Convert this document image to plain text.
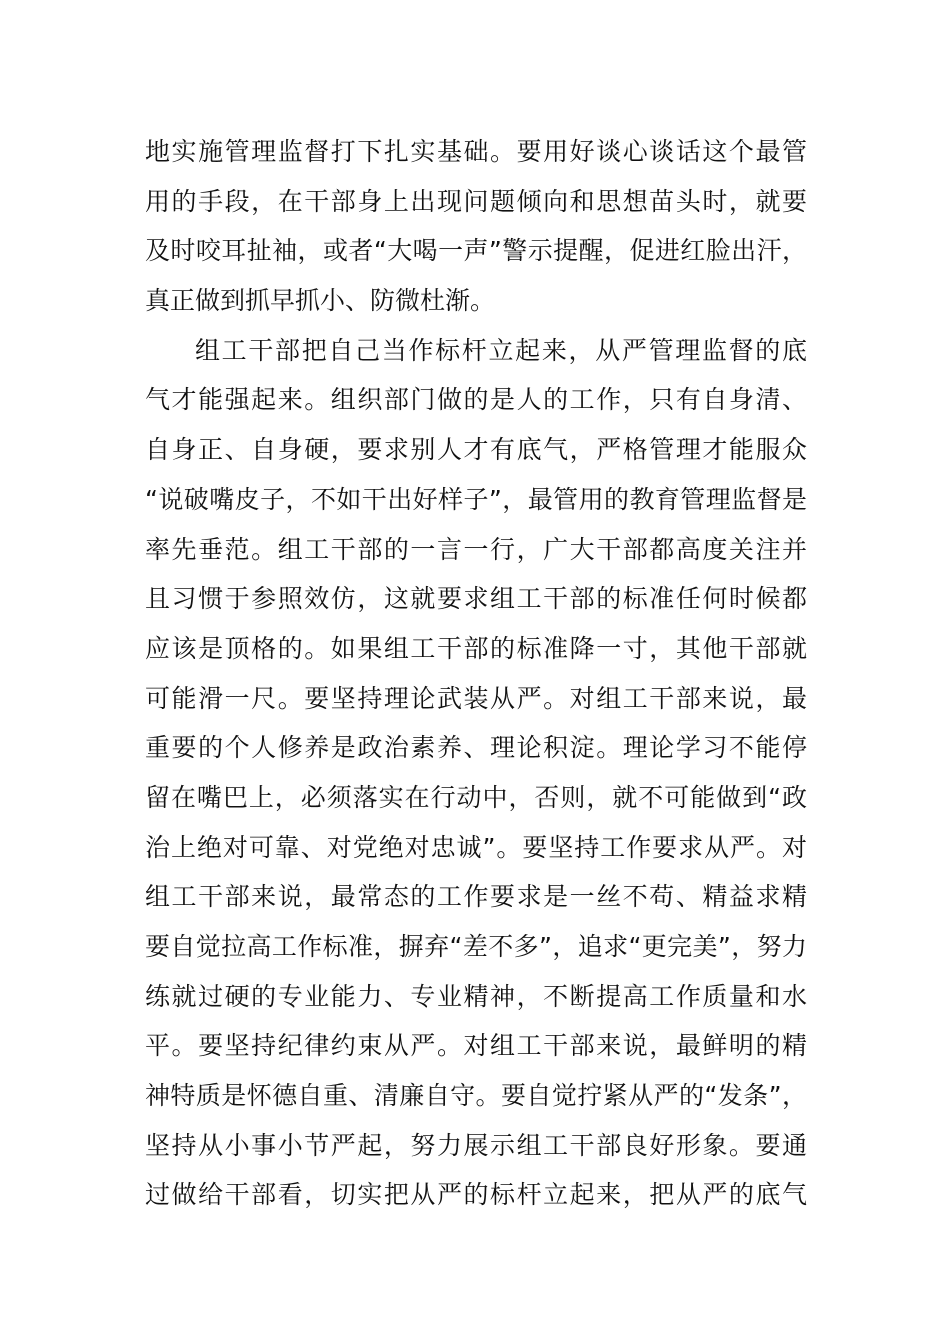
地实施管理监督打下扎实基础。要用好谈心谈话这个最管
用的手段，在干部身上出现问题倾向和思想苗头时，就要
及时咬耳扯袖，或者“大喝一声”警示提醒，促进红脸出汗，
真正做到抓早抓小、防微杜渐。
组工干部把自己当作标杆立起来，从严管理监督的底
气才能强起来。组织部门做的是人的工作，只有自身清、
自身正、自身硬，要求别人才有底气，严格管理才能服众
“说破嘴皮子，不如干出好样子”，最管用的教育管理监督是
率先垂范。组工干部的一言一行，广大干部都高度关注并
且习惯于参照效仿，这就要求组工干部的标准任何时候都
应该是顶格的。如果组工干部的标准降一寸，其他干部就
可能滑一尺。要坚持理论武装从严。对组工干部来说，最
重要的个人修养是政治素养、理论积淀。理论学习不能停
留在嘴巴上，必须落实在行动中，否则，就不可能做到“政
治上绝对可靠、对党绝对忠诚”。要坚持工作要求从严。对
组工干部来说，最常态的工作要求是一丝不苟、精益求精
要自觉拉高工作标准，摒弃“差不多”，追求“更完美”，努力
练就过硬的专业能力、专业精神，不断提高工作质量和水
平。要坚持纪律约束从严。对组工干部来说，最鲜明的精
神特质是怀德自重、清廉自守。要自觉拧紧从严的“发条”，
坚持从小事小节严起，努力展示组工干部良好形象。要通
过做给干部看，切实把从严的标杆立起来，把从严的底气
